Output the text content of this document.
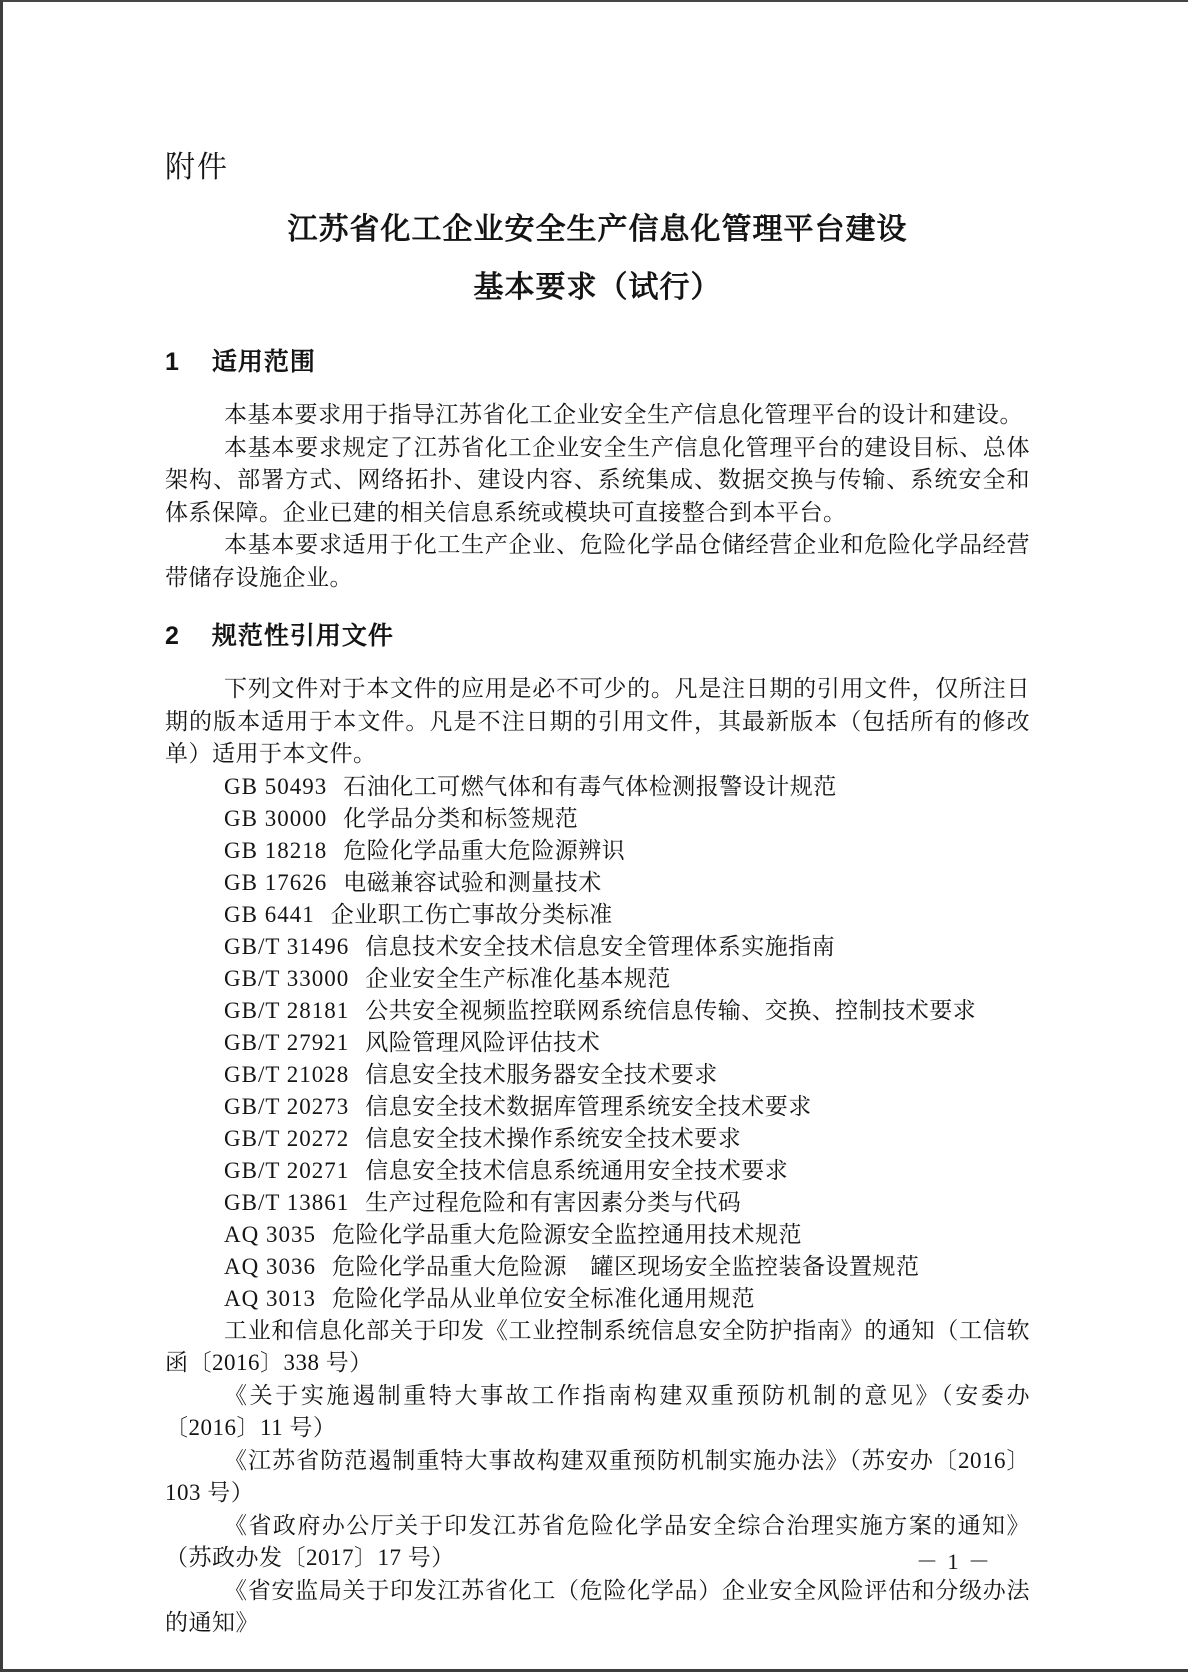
附件
江苏省化工企业安全生产信息化管理平台建设
基本要求（试行）
1 适用范围

本基本要求用于指导江苏省化工企业安全生产信息化管理平台的设计和建设。

本基本要求规定了江苏省化工企业安全生产信息化管理平台的建设目标、总体架构、部署方式、网络拓扑、建设内容、系统集成、数据交换与传输、系统安全和体系保障。企业已建的相关信息系统或模块可直接整合到本平台。

本基本要求适用于化工生产企业、危险化学品仓储经营企业和危险化学品经营带储存设施企业。

2 规范性引用文件

下列文件对于本文件的应用是必不可少的。凡是注日期的引用文件，仅所注日期的版本适用于本文件。凡是不注日期的引用文件，其最新版本（包括所有的修改单）适用于本文件。

GB 50493 石油化工可燃气体和有毒气体检测报警设计规范
GB 30000 化学品分类和标签规范
GB 18218 危险化学品重大危险源辨识
GB 17626 电磁兼容试验和测量技术
GB 6441 企业职工伤亡事故分类标准
GB/T 31496 信息技术安全技术信息安全管理体系实施指南
GB/T 33000 企业安全生产标准化基本规范
GB/T 28181 公共安全视频监控联网系统信息传输、交换、控制技术要求
GB/T 27921 风险管理风险评估技术
GB/T 21028 信息安全技术服务器安全技术要求
GB/T 20273 信息安全技术数据库管理系统安全技术要求
GB/T 20272 信息安全技术操作系统安全技术要求
GB/T 20271 信息安全技术信息系统通用安全技术要求
GB/T 13861 生产过程危险和有害因素分类与代码
AQ 3035 危险化学品重大危险源安全监控通用技术规范
AQ 3036 危险化学品重大危险源　罐区现场安全监控装备设置规范
AQ 3013 危险化学品从业单位安全标准化通用规范

工业和信息化部关于印发《工业控制系统信息安全防护指南》的通知（工信软函〔2016〕338 号）

《关于实施遏制重特大事故工作指南构建双重预防机制的意见》（安委办〔2016〕11 号）

《江苏省防范遏制重特大事故构建双重预防机制实施办法》（苏安办〔2016〕103 号）

《省政府办公厅关于印发江苏省危险化学品安全综合治理实施方案的通知》（苏政办发〔2017〕17 号）

《省安监局关于印发江苏省化工（危险化学品）企业安全风险评估和分级办法的通知》

－ 1 －
